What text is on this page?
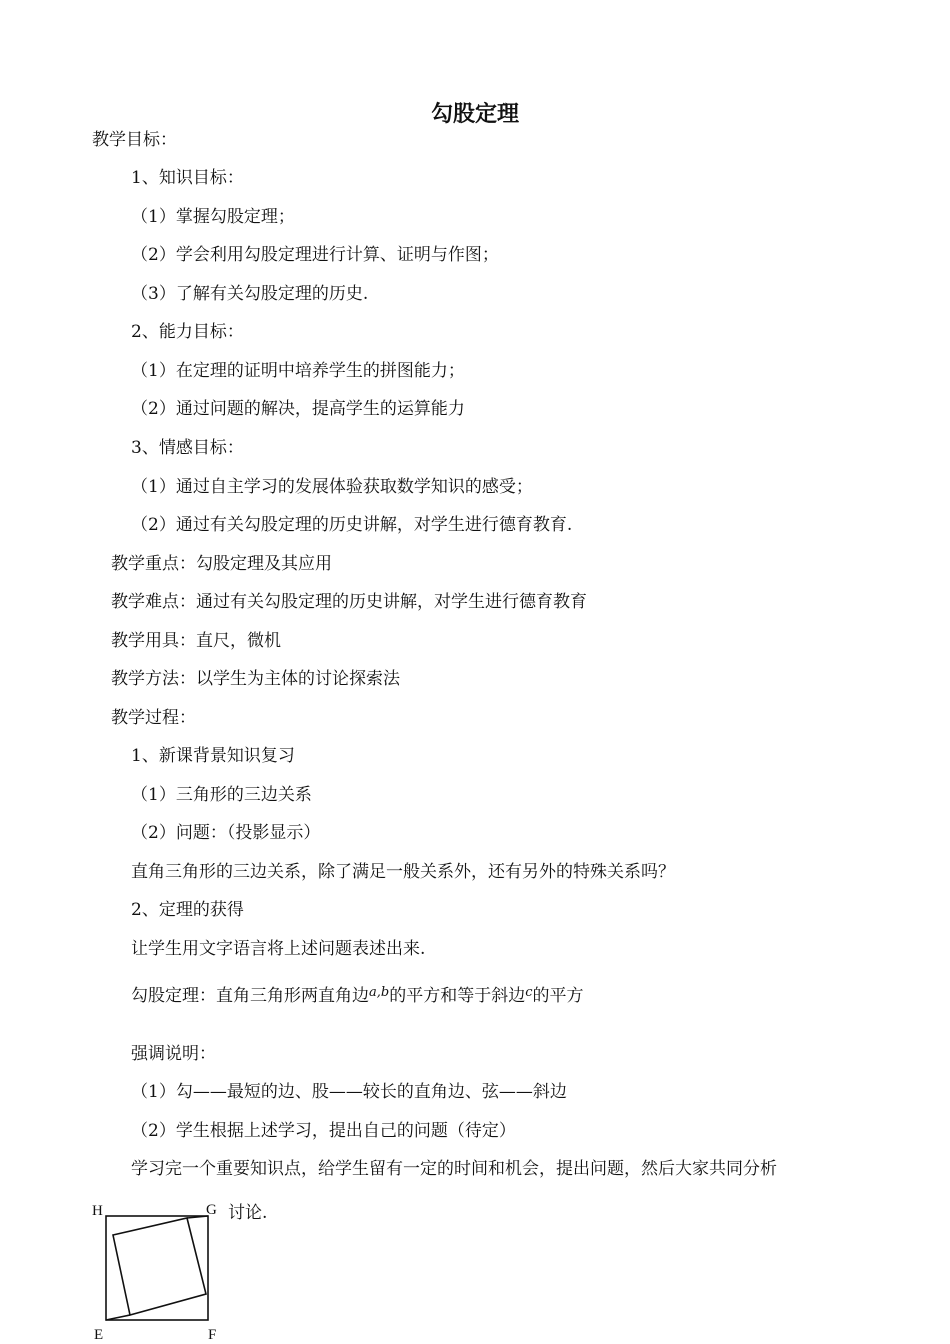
勾股定理
教学目标：
1、知识目标：
（1）掌握勾股定理；
（2）学会利用勾股定理进行计算、证明与作图；
（3）了解有关勾股定理的历史.
2、能力目标：
（1）在定理的证明中培养学生的拼图能力；
（2）通过问题的解决，提高学生的运算能力
3、情感目标：
（1）通过自主学习的发展体验获取数学知识的感受；
（2）通过有关勾股定理的历史讲解，对学生进行德育教育.
教学重点：勾股定理及其应用
教学难点：通过有关勾股定理的历史讲解，对学生进行德育教育
教学用具：直尺，微机
教学方法：以学生为主体的讨论探索法
教学过程：
1、新课背景知识复习
（1）三角形的三边关系
（2）问题：（投影显示）
直角三角形的三边关系，除了满足一般关系外，还有另外的特殊关系吗？
2、定理的获得
让学生用文字语言将上述问题表述出来.
勾股定理：直角三角形两直角边$^{a,b}$的平方和等于斜边$^c$的平方
强调说明：
（1）勾——最短的边、股——较长的直角边、弦——斜边
（2）学生根据上述学习，提出自己的问题（待定）
学习完一个重要知识点，给学生留有一定的时间和机会，提出问题，然后大家共同分析
讨论.
H	G
E	F
